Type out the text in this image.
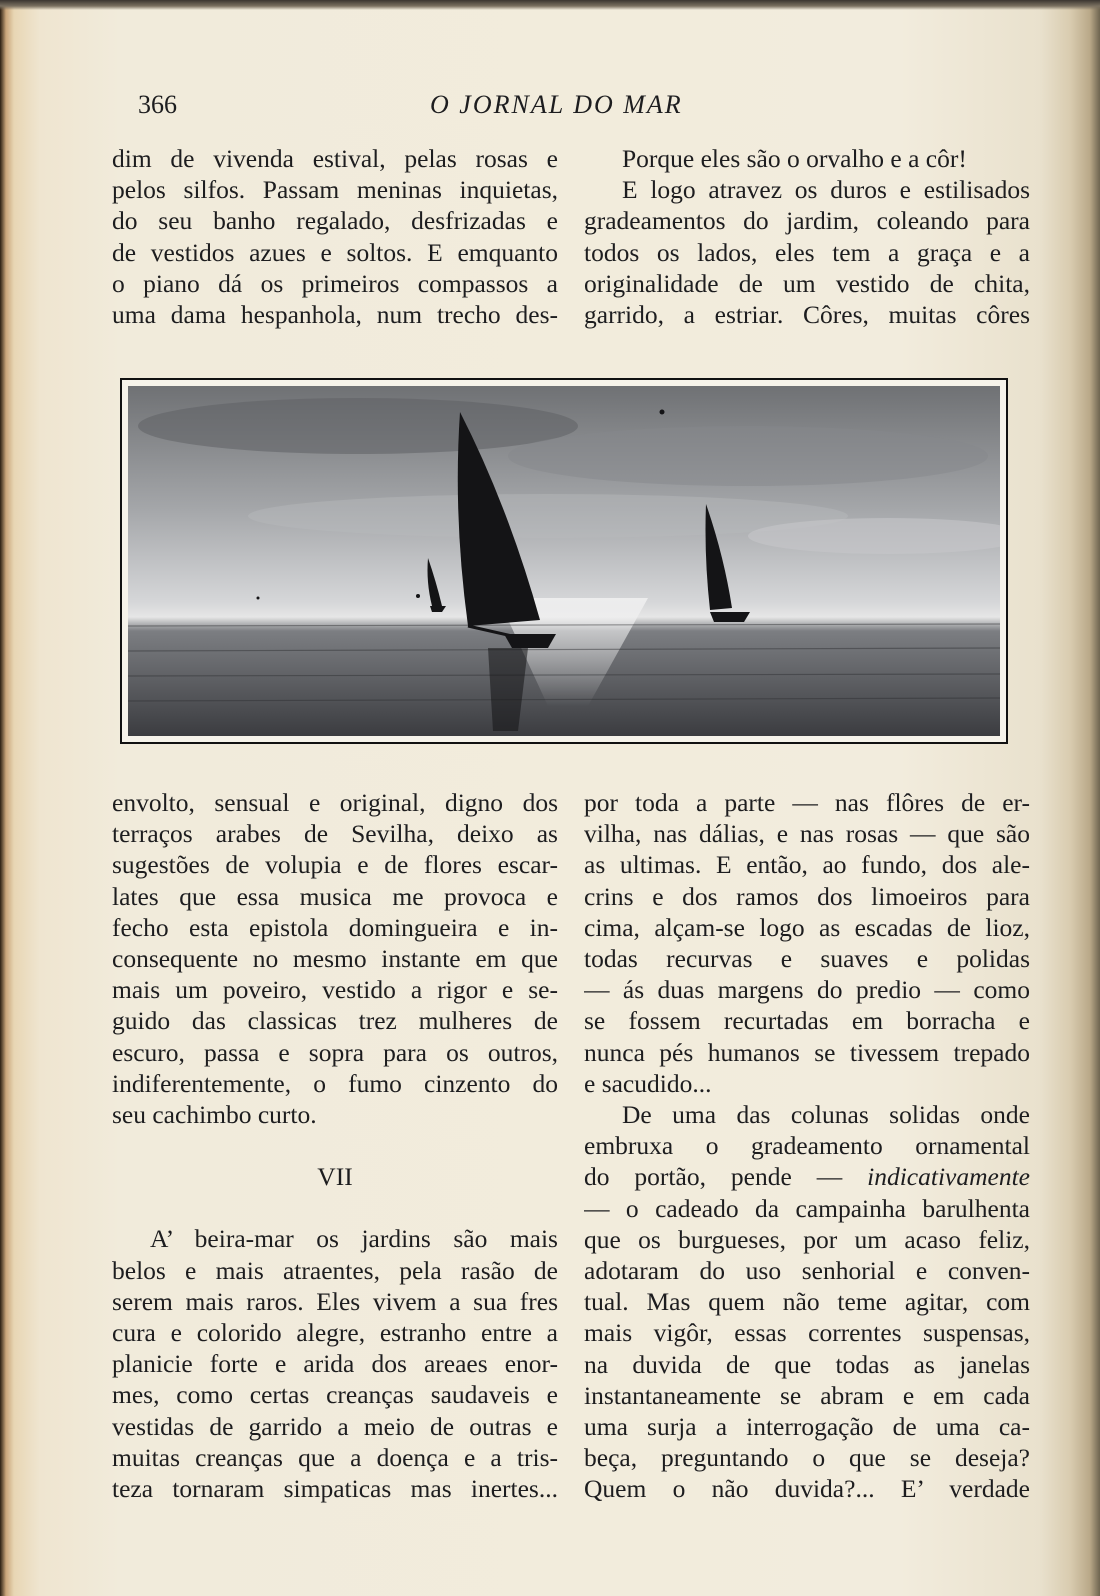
366	O JORNAL DO MAR
dim de vivenda estival, pelas rosas e
pelos silfos. Passam meninas inquietas,
do seu banho regalado, desfrizadas e
de vestidos azues e soltos. E emquanto
o piano dá os primeiros compassos a
uma dama hespanhola, num trecho des-
Porque eles são o orvalho e a côr!
E logo atravez os duros e estilisados
gradeamentos do jardim, coleando para
todos os lados, eles tem a graça e a
originalidade de um vestido de chita,
garrido, a estriar. Côres, muitas côres
envolto, sensual e original, digno dos
terraços arabes de Sevilha, deixo as
sugestões de volupia e de flores escar-
lates que essa musica me provoca e
fecho esta epistola domingueira e in-
consequente no mesmo instante em que
mais um poveiro, vestido a rigor e se-
guido das classicas trez mulheres de
escuro, passa e sopra para os outros,
indiferentemente, o fumo cinzento do
seu cachimbo curto.
VII
A’ beira-mar os jardins são mais
belos e mais atraentes, pela rasão de
serem mais raros. Eles vivem a sua fres
cura e colorido alegre, estranho entre a
planicie forte e arida dos areaes enor-
mes, como certas creanças saudaveis e
vestidas de garrido a meio de outras e
muitas creanças que a doença e a tris-
teza tornaram simpaticas mas inertes...
por toda a parte — nas flôres de er-
vilha, nas dálias, e nas rosas — que são
as ultimas. E então, ao fundo, dos ale-
crins e dos ramos dos limoeiros para
cima, alçam-se logo as escadas de lioz,
todas recurvas e suaves e polidas
— ás duas margens do predio — como
se fossem recurtadas em borracha e
nunca pés humanos se tivessem trepado
e sacudido...
De uma das colunas solidas onde
embruxa o gradeamento ornamental
do portão, pende — indicativamente
— o cadeado da campainha barulhenta
que os burgueses, por um acaso feliz,
adotaram do uso senhorial e conven-
tual. Mas quem não teme agitar, com
mais vigôr, essas correntes suspensas,
na duvida de que todas as janelas
instantaneamente se abram e em cada
uma surja a interrogação de uma ca-
beça, preguntando o que se deseja?
Quem o não duvida?... E’ verdade
